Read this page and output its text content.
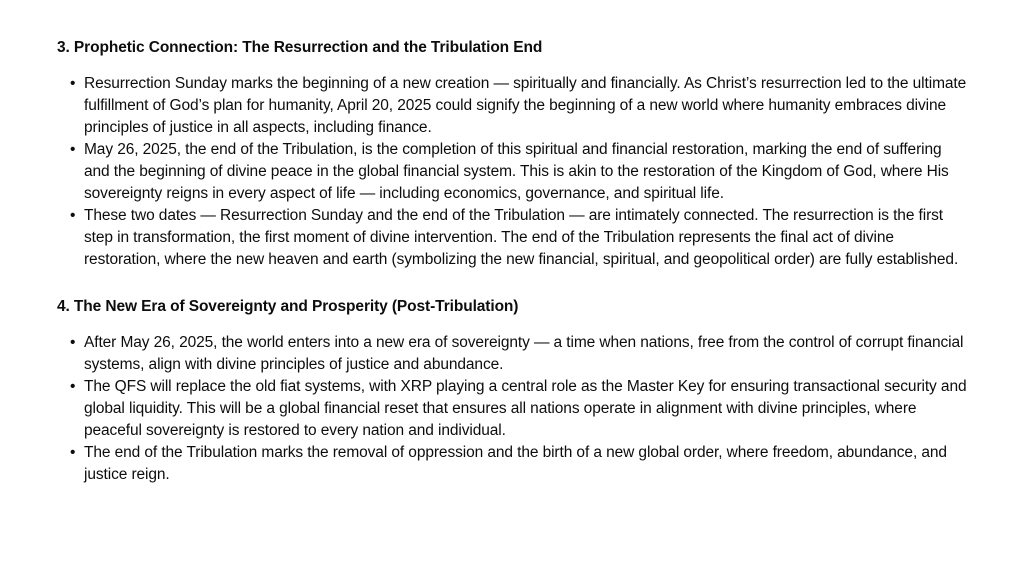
3. Prophetic Connection: The Resurrection and the Tribulation End
• Resurrection Sunday marks the beginning of a new creation — spiritually and financially. As Christ’s resurrection led to the ultimate fulfillment of God’s plan for humanity, April 20, 2025 could signify the beginning of a new world where humanity embraces divine principles of justice in all aspects, including finance.
• May 26, 2025, the end of the Tribulation, is the completion of this spiritual and financial restoration, marking the end of suffering and the beginning of divine peace in the global financial system. This is akin to the restoration of the Kingdom of God, where His sovereignty reigns in every aspect of life — including economics, governance, and spiritual life.
• These two dates — Resurrection Sunday and the end of the Tribulation — are intimately connected. The resurrection is the first step in transformation, the first moment of divine intervention. The end of the Tribulation represents the final act of divine restoration, where the new heaven and earth (symbolizing the new financial, spiritual, and geopolitical order) are fully established.
4. The New Era of Sovereignty and Prosperity (Post-Tribulation)
• After May 26, 2025, the world enters into a new era of sovereignty — a time when nations, free from the control of corrupt financial systems, align with divine principles of justice and abundance.
• The QFS will replace the old fiat systems, with XRP playing a central role as the Master Key for ensuring transactional security and global liquidity. This will be a global financial reset that ensures all nations operate in alignment with divine principles, where peaceful sovereignty is restored to every nation and individual.
• The end of the Tribulation marks the removal of oppression and the birth of a new global order, where freedom, abundance, and justice reign.
